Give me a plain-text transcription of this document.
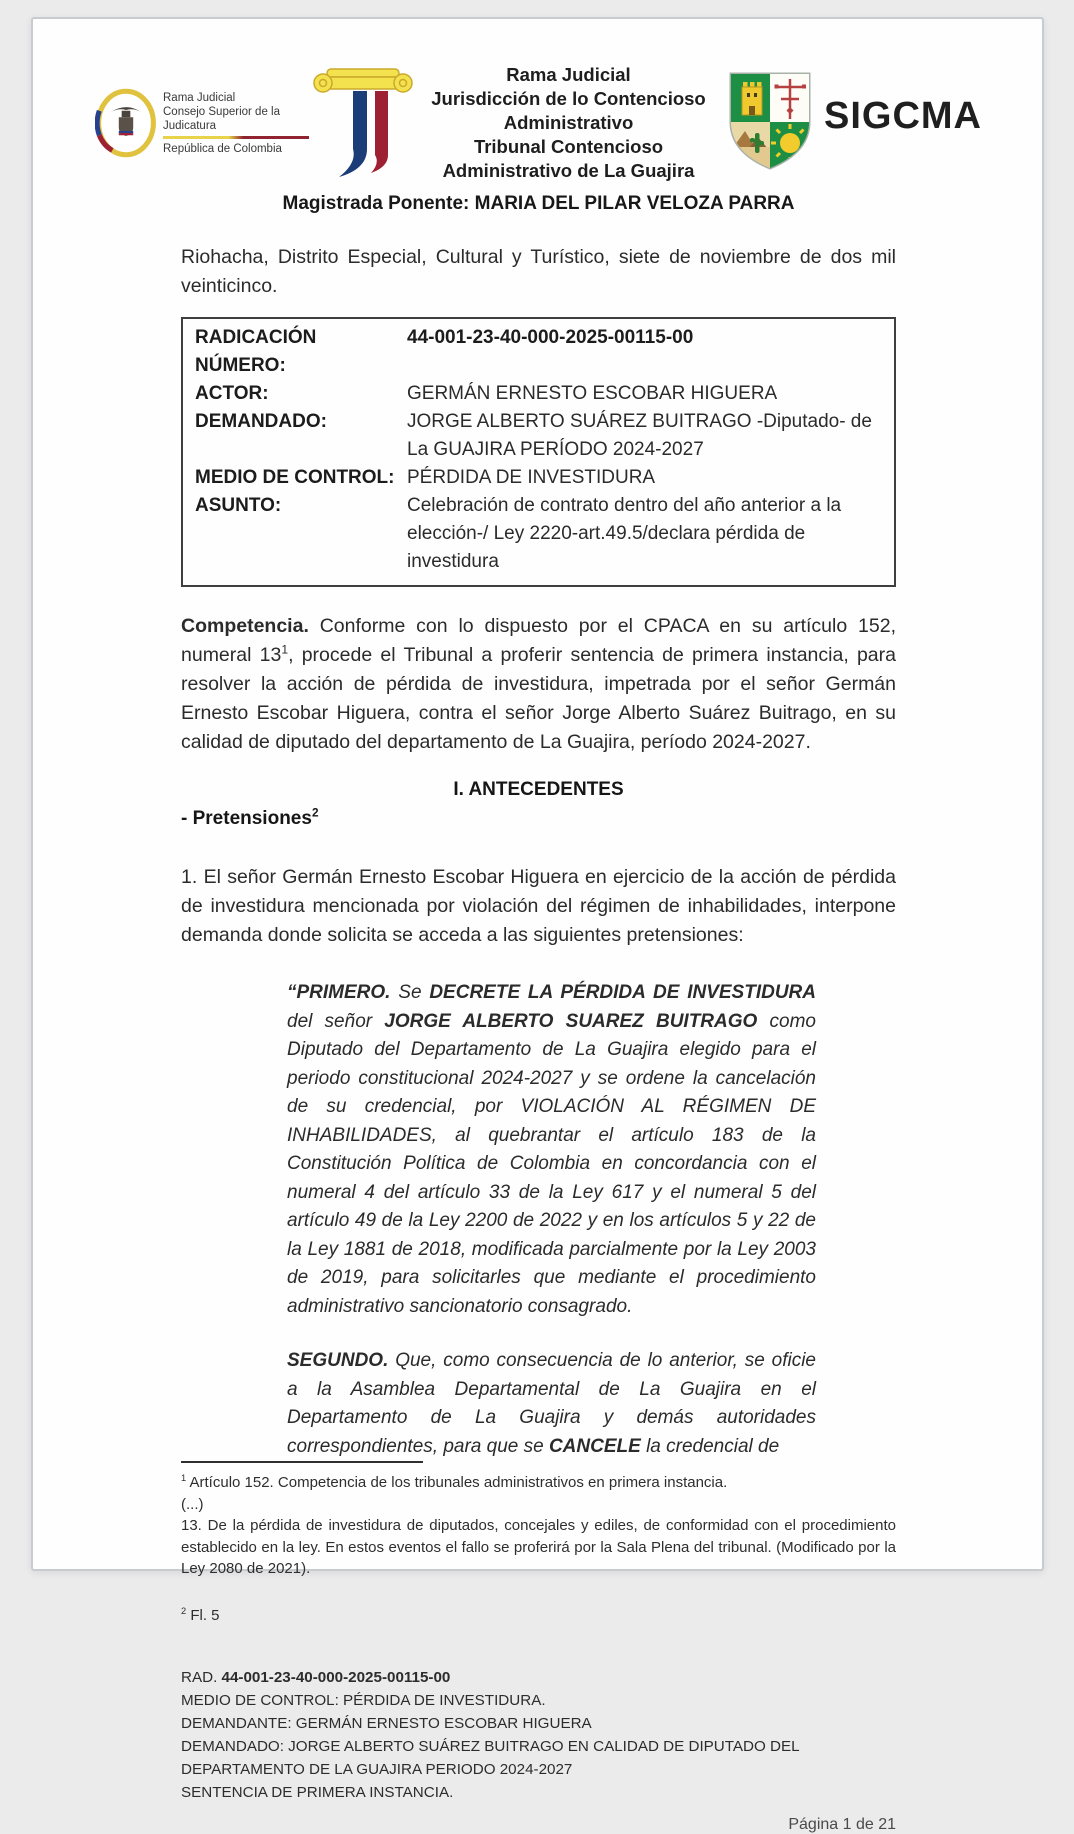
Rama Judicial
Consejo Superior de la Judicatura
República de Colombia
Rama Judicial
Jurisdicción de lo Contencioso Administrativo
Tribunal Contencioso Administrativo de La Guajira
SIGCMA
Magistrada Ponente: MARIA DEL PILAR VELOZA PARRA
Riohacha, Distrito Especial, Cultural y Turístico, siete de noviembre de dos mil veinticinco.
RADICACIÓN NÚMERO:
44-001-23-40-000-2025-00115-00
ACTOR:	GERMÁN ERNESTO ESCOBAR HIGUERA
DEMANDADO:	JORGE ALBERTO SUÁREZ BUITRAGO -Diputado- de La GUAJIRA PERÍODO 2024-2027
MEDIO DE CONTROL: PÉRDIDA DE INVESTIDURA
ASUNTO:	Celebración de contrato dentro del año anterior a la elección-/ Ley 2220-art.49.5/declara pérdida de investidura
Competencia. Conforme con lo dispuesto por el CPACA en su artículo 152, numeral $13^1$, procede el Tribunal a proferir sentencia de primera instancia, para resolver la acción de pérdida de investidura, impetrada por el señor Germán Ernesto Escobar Higuera, contra el señor Jorge Alberto Suárez Buitrago, en su calidad de diputado del departamento de La Guajira, período 2024-2027.
I. ANTECEDENTES
- Pretensiones$^2$
1. El señor Germán Ernesto Escobar Higuera en ejercicio de la acción de pérdida de investidura mencionada por violación del régimen de inhabilidades, interpone demanda donde solicita se acceda a las siguientes pretensiones:
“PRIMERO. Se DECRETE LA PÉRDIDA DE INVESTIDURA del señor JORGE ALBERTO SUAREZ BUITRAGO como Diputado del Departamento de La Guajira elegido para el periodo constitucional 2024-2027 y se ordene la cancelación de su credencial, por VIOLACIÓN AL RÉGIMEN DE INHABILIDADES, al quebrantar el artículo 183 de la Constitución Política de Colombia en concordancia con el numeral 4 del artículo 33 de la Ley 617 y el numeral 5 del artículo 49 de la Ley 2200 de 2022 y en los artículos 5 y 22 de la Ley 1881 de 2018, modificada parcialmente por la Ley 2003 de 2019, para solicitarles que mediante el procedimiento administrativo sancionatorio consagrado.
SEGUNDO. Que, como consecuencia de lo anterior, se oficie a la Asamblea Departamental de La Guajira en el Departamento de La Guajira y demás autoridades correspondientes, para que se CANCELE la credencial de
$^1$ Artículo 152. Competencia de los tribunales administrativos en primera instancia.
(...)
13. De la pérdida de investidura de diputados, concejales y ediles, de conformidad con el procedimiento establecido en la ley. En estos eventos el fallo se proferirá por la Sala Plena del tribunal. (Modificado por la Ley 2080 de 2021).
$^2$ Fl. 5
RAD. 44-001-23-40-000-2025-00115-00
MEDIO DE CONTROL: PÉRDIDA DE INVESTIDURA.
DEMANDANTE: GERMÁN ERNESTO ESCOBAR HIGUERA
DEMANDADO: JORGE ALBERTO SUÁREZ BUITRAGO EN CALIDAD DE DIPUTADO DEL DEPARTAMENTO DE LA GUAJIRA PERIODO 2024-2027
SENTENCIA DE PRIMERA INSTANCIA.
Página 1 de 21
